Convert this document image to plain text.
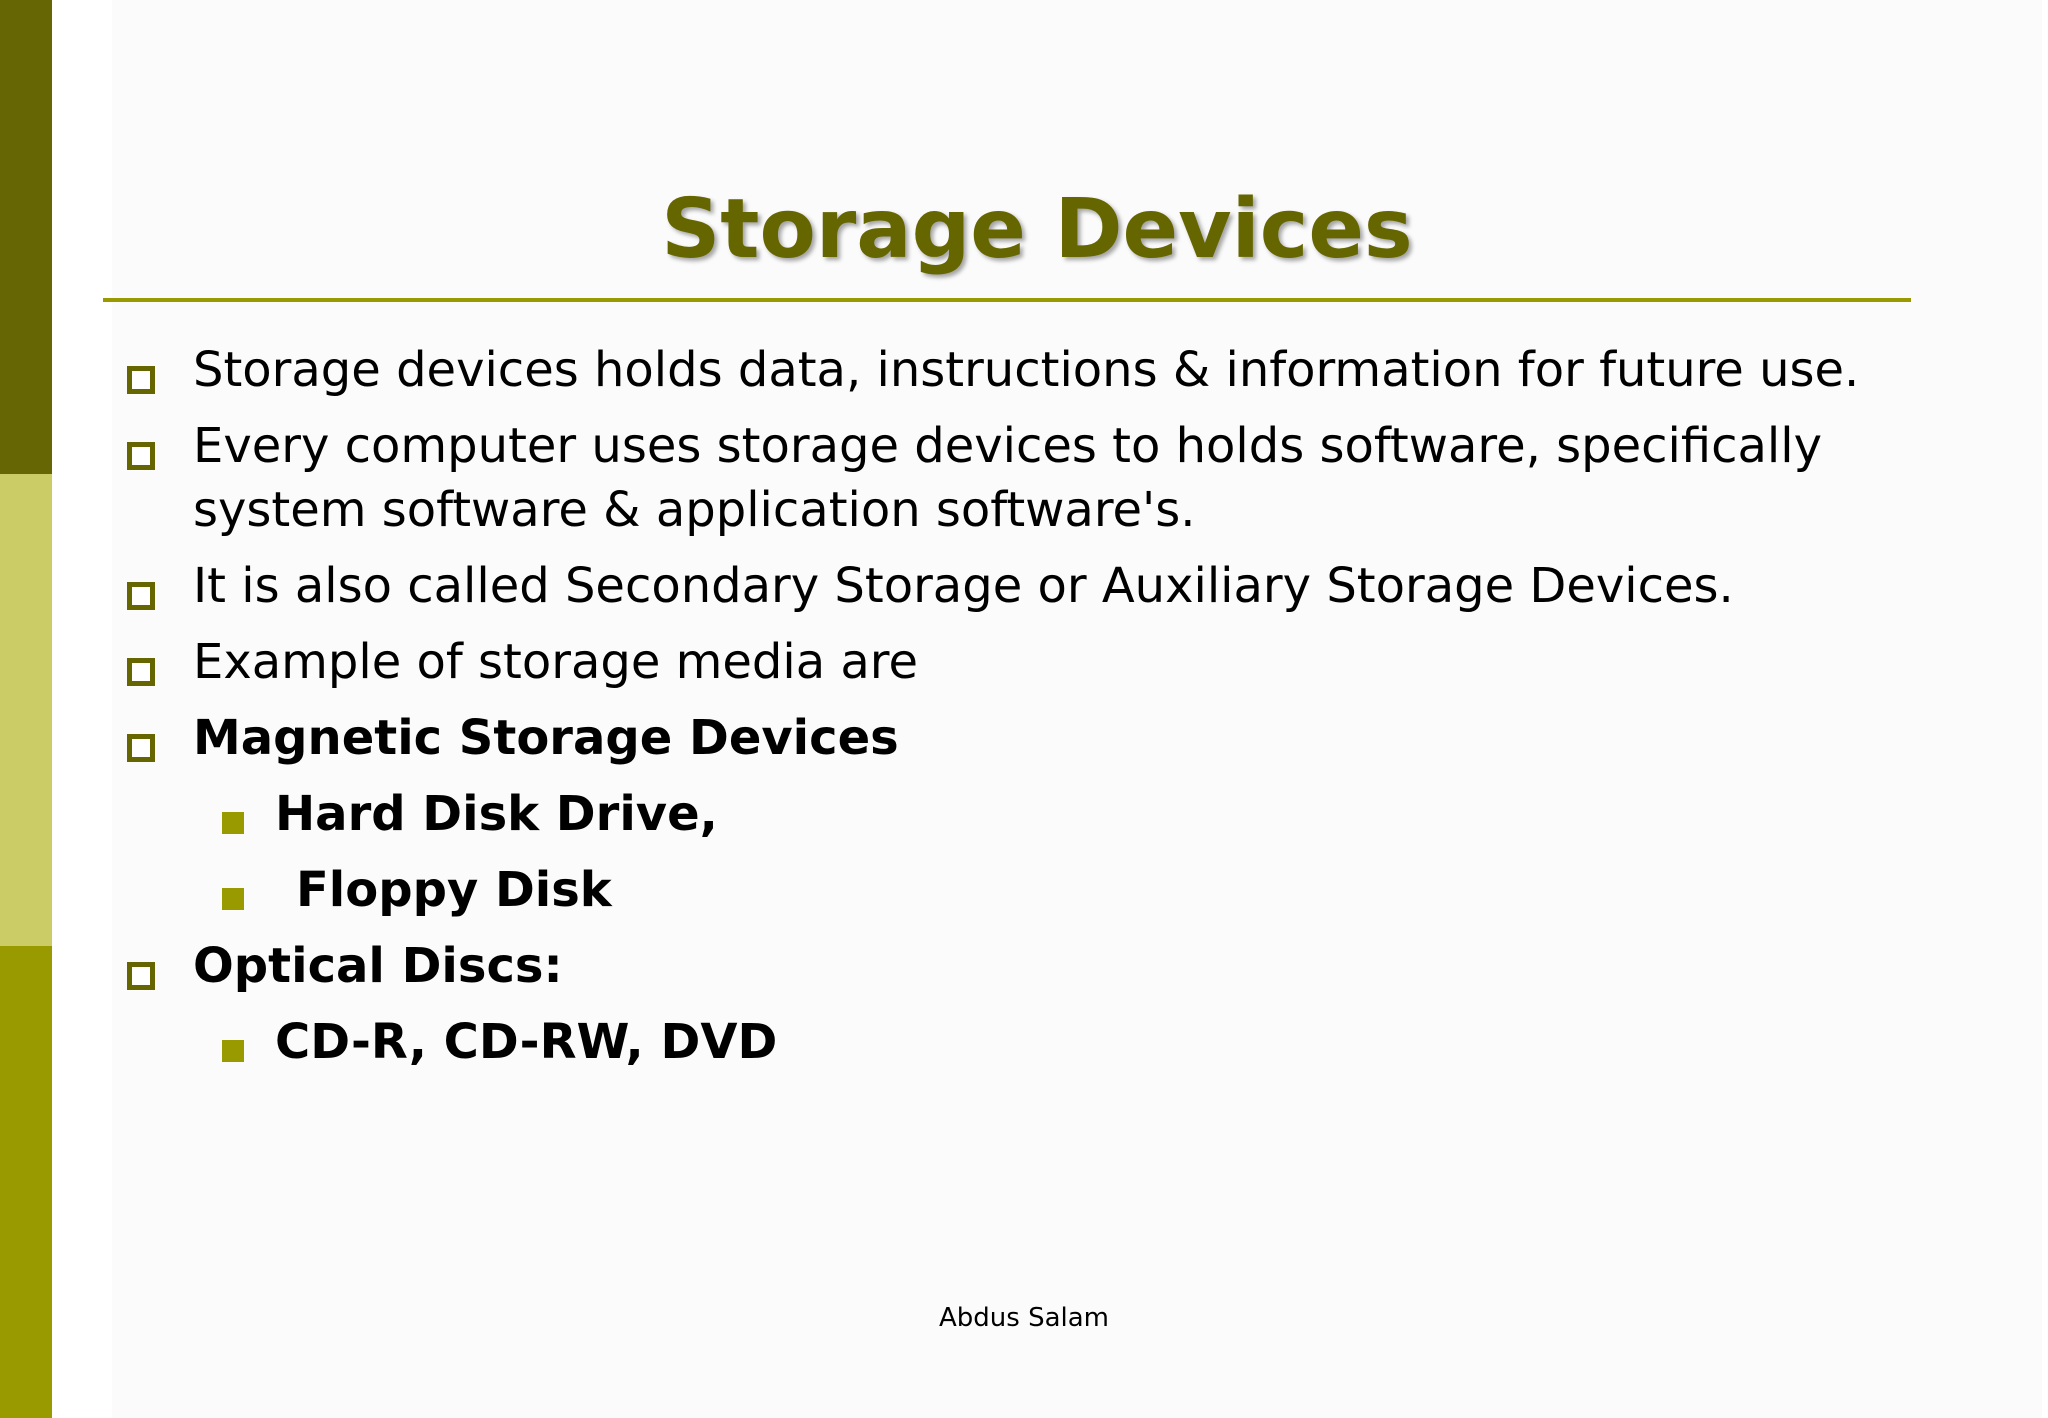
Storage Devices
Storage devices holds data, instructions & information for future use.
Every computer uses storage devices to holds software, specifically system software & application software's.
It is also called Secondary Storage or Auxiliary Storage Devices.
Example of storage media are
Magnetic Storage Devices
Hard Disk Drive,
Floppy Disk
Optical Discs:
CD-R, CD-RW, DVD
Abdus Salam
